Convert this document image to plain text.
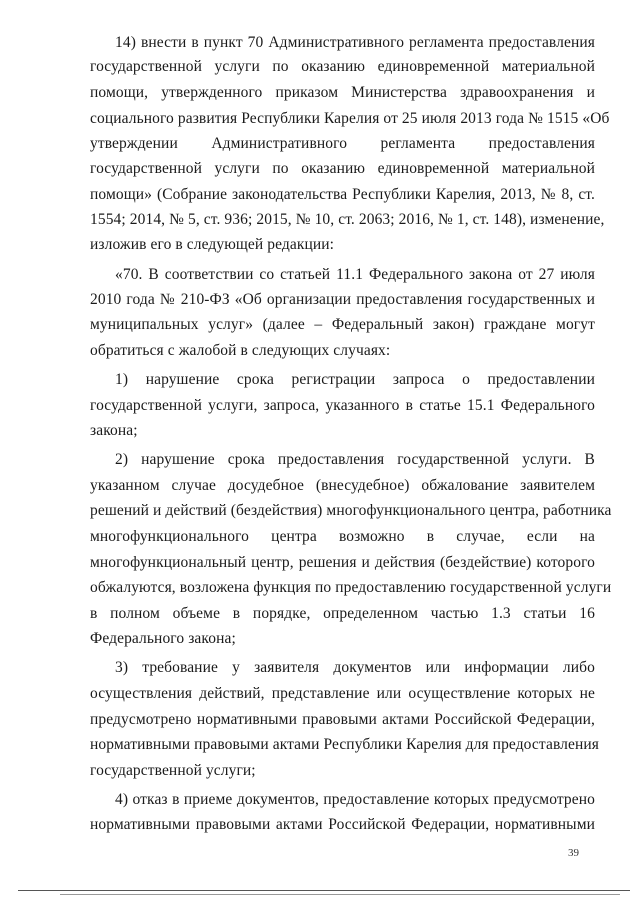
14) внести в пункт 70 Административного регламента предоставления
государственной услуги по оказанию единовременной материальной
помощи, утвержденного приказом Министерства здравоохранения и
социального развития Республики Карелия от 25 июля 2013 года № 1515 «Об
утверждении Административного регламента предоставления
государственной услуги по оказанию единовременной материальной
помощи» (Собрание законодательства Республики Карелия, 2013, № 8, ст.
1554; 2014, № 5, ст. 936; 2015, № 10, ст. 2063; 2016, № 1, ст. 148), изменение,
изложив его в следующей редакции:
«70. В соответствии со статьей 11.1 Федерального закона от 27 июля
2010 года № 210-ФЗ «Об организации предоставления государственных и
муниципальных услуг» (далее – Федеральный закон) граждане могут
обратиться с жалобой в следующих случаях:
1) нарушение срока регистрации запроса о предоставлении
государственной услуги, запроса, указанного в статье 15.1 Федерального
закона;
2) нарушение срока предоставления государственной услуги. В
указанном случае досудебное (внесудебное) обжалование заявителем
решений и действий (бездействия) многофункционального центра, работника
многофункционального центра возможно в случае, если на
многофункциональный центр, решения и действия (бездействие) которого
обжалуются, возложена функция по предоставлению государственной услуги
в полном объеме в порядке, определенном частью 1.3 статьи 16
Федерального закона;
3) требование у заявителя документов или информации либо
осуществления действий, представление или осуществление которых не
предусмотрено нормативными правовыми актами Российской Федерации,
нормативными правовыми актами Республики Карелия для предоставления
государственной услуги;
4) отказ в приеме документов, предоставление которых предусмотрено
нормативными правовыми актами Российской Федерации, нормативными
39
